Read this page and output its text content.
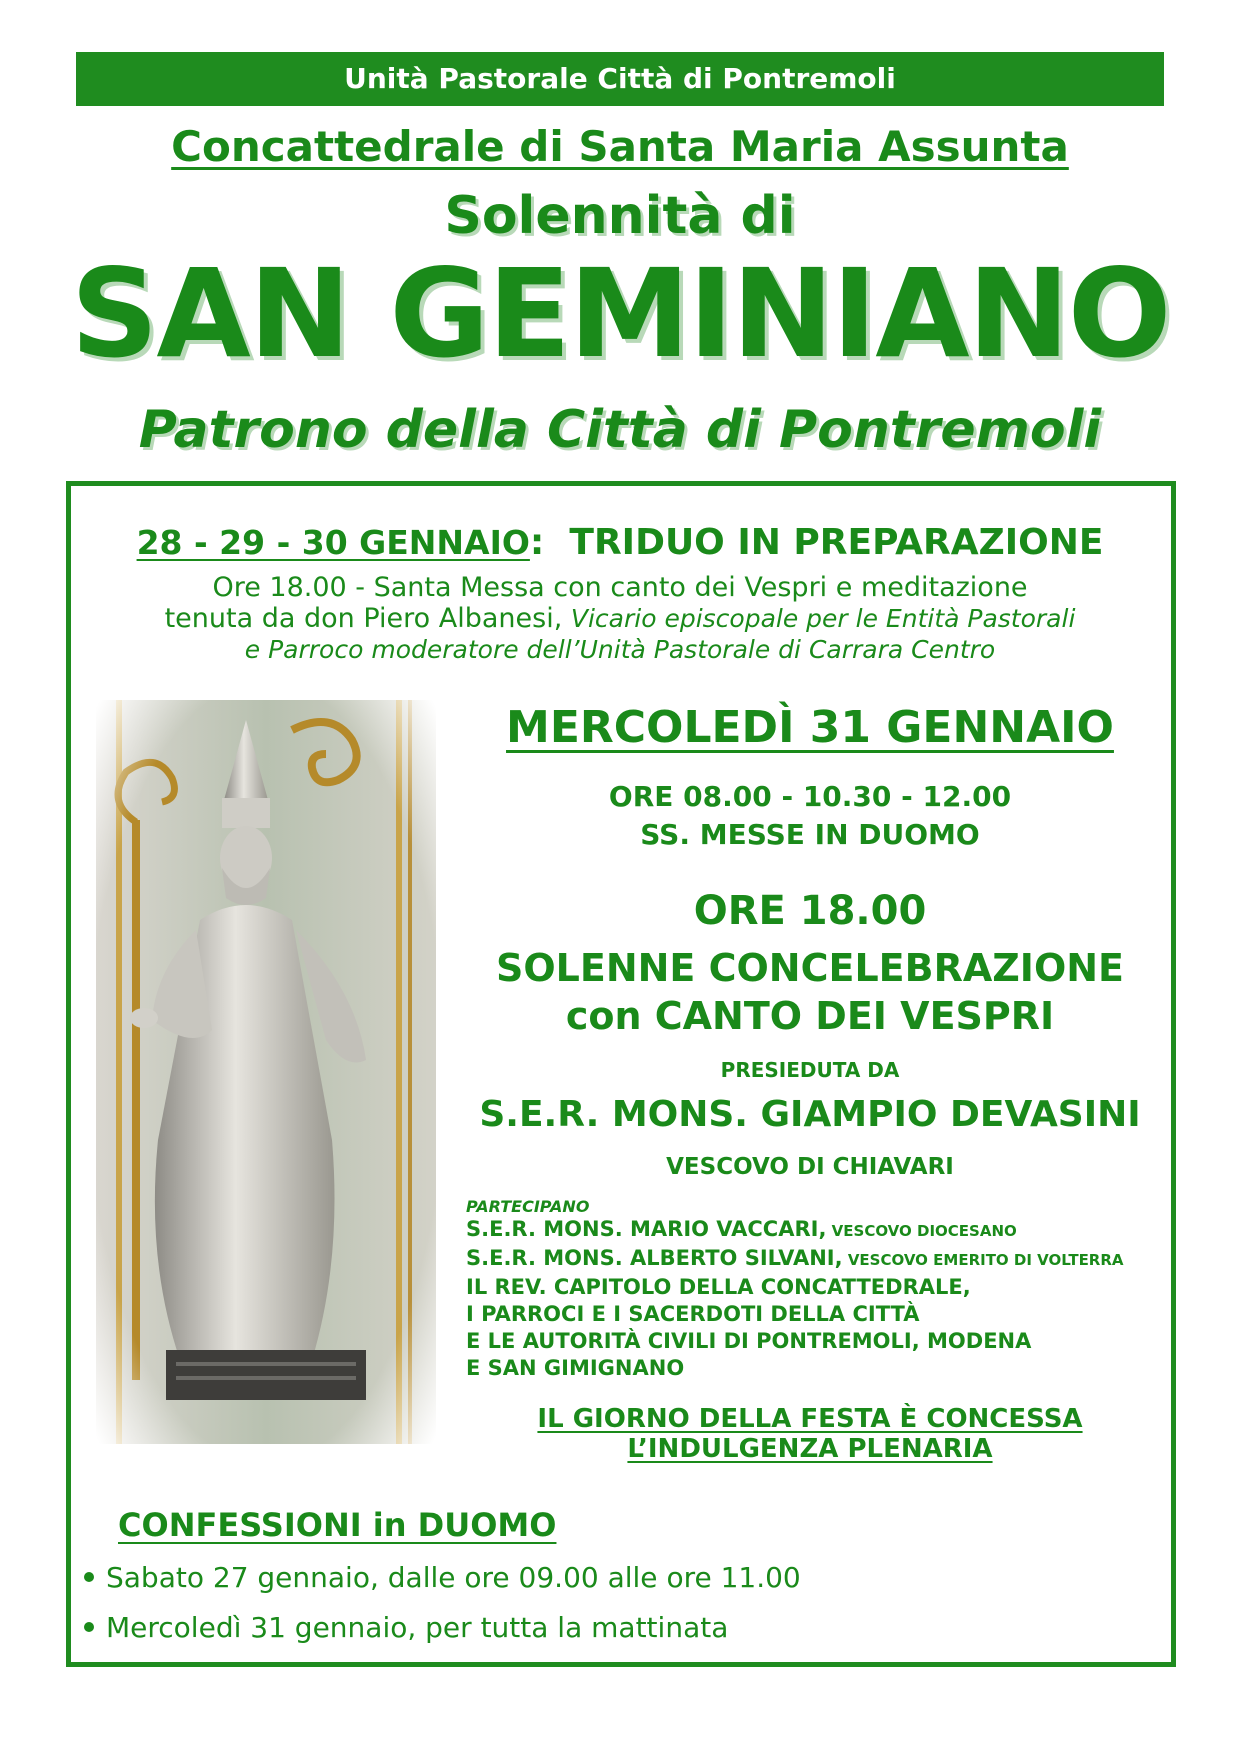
Unità Pastorale Città di Pontremoli
Concattedrale di Santa Maria Assunta
Solennità di
SAN GEMINIANO
Patrono della Città di Pontremoli
28 - 29 - 30 GENNAIO: TRIDUO IN PREPARAZIONE
Ore 18.00 - Santa Messa con canto dei Vespri e meditazione
tenuta da don Piero Albanesi, Vicario episcopale per le Entità Pastorali
e Parroco moderatore dell’Unità Pastorale di Carrara Centro
MERCOLEDÌ 31 GENNAIO
ORE 08.00 - 10.30 - 12.00
SS. MESSE IN DUOMO
ORE 18.00
SOLENNE CONCELEBRAZIONE
con CANTO DEI VESPRI
PRESIEDUTA DA
S.E.R. MONS. GIAMPIO DEVASINI
VESCOVO DI CHIAVARI
PARTECIPANO
S.E.R. MONS. MARIO VACCARI, VESCOVO DIOCESANO
S.E.R. MONS. ALBERTO SILVANI, VESCOVO EMERITO DI VOLTERRA
IL REV. CAPITOLO DELLA CONCATTEDRALE,
I PARROCI E I SACERDOTI DELLA CITTÀ
E LE AUTORITÀ CIVILI DI PONTREMOLI, MODENA
E SAN GIMIGNANO
IL GIORNO DELLA FESTA È CONCESSA
L’INDULGENZA PLENARIA
CONFESSIONI in DUOMO
Sabato 27 gennaio, dalle ore 09.00 alle ore 11.00
Mercoledì 31 gennaio, per tutta la mattinata
